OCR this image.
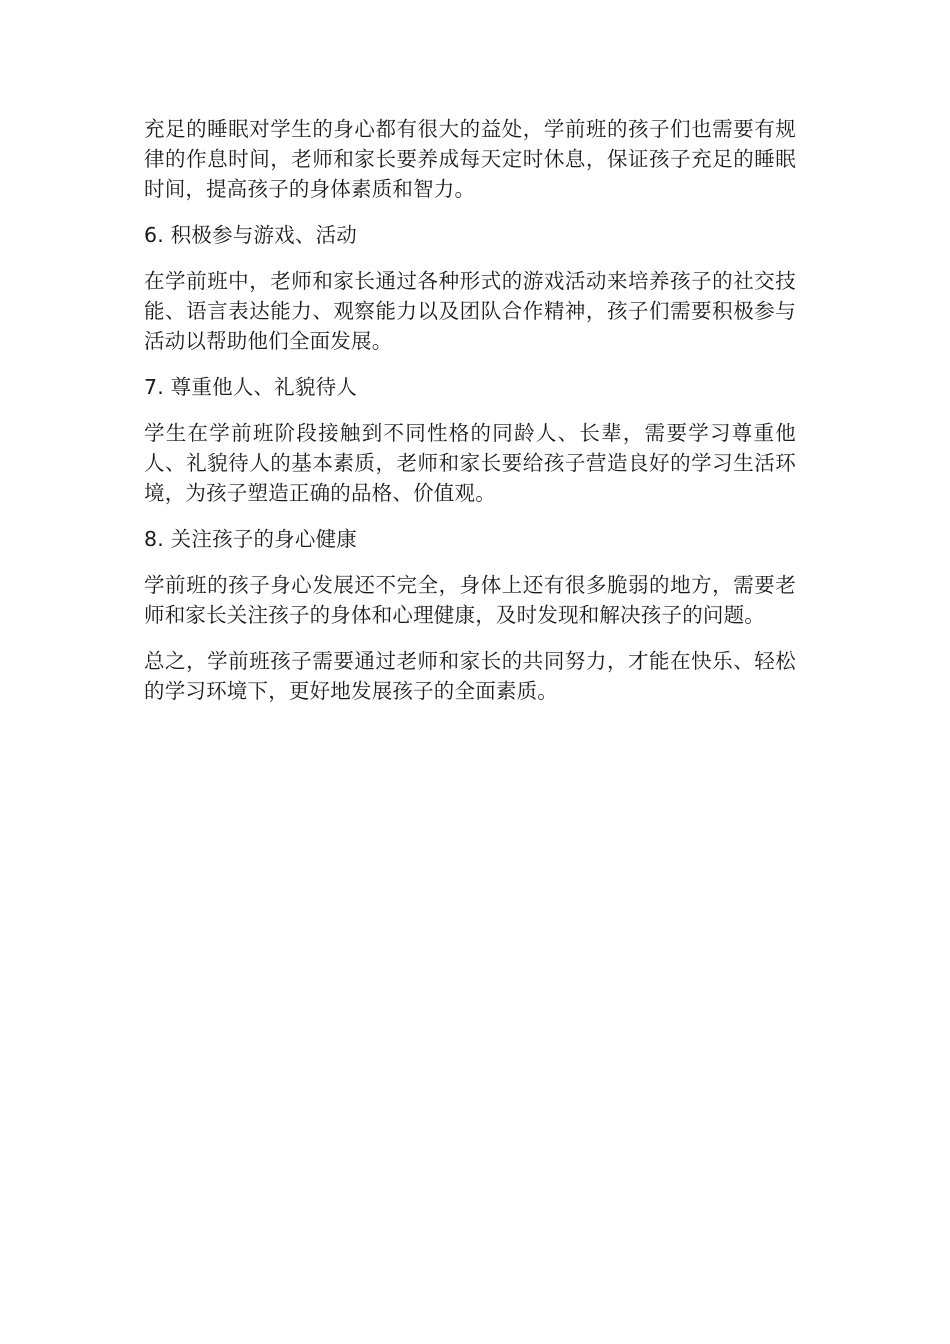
充足的睡眠对学生的身心都有很大的益处，学前班的孩子们也需要有规律的作息时间，老师和家长要养成每天定时休息，保证孩子充足的睡眠时间，提高孩子的身体素质和智力。

6. 积极参与游戏、活动

在学前班中，老师和家长通过各种形式的游戏活动来培养孩子的社交技能、语言表达能力、观察能力以及团队合作精神，孩子们需要积极参与活动以帮助他们全面发展。

7. 尊重他人、礼貌待人

学生在学前班阶段接触到不同性格的同龄人、长辈，需要学习尊重他人、礼貌待人的基本素质，老师和家长要给孩子营造良好的学习生活环境，为孩子塑造正确的品格、价值观。

8. 关注孩子的身心健康

学前班的孩子身心发展还不完全，身体上还有很多脆弱的地方，需要老师和家长关注孩子的身体和心理健康，及时发现和解决孩子的问题。

总之，学前班孩子需要通过老师和家长的共同努力，才能在快乐、轻松的学习环境下，更好地发展孩子的全面素质。
